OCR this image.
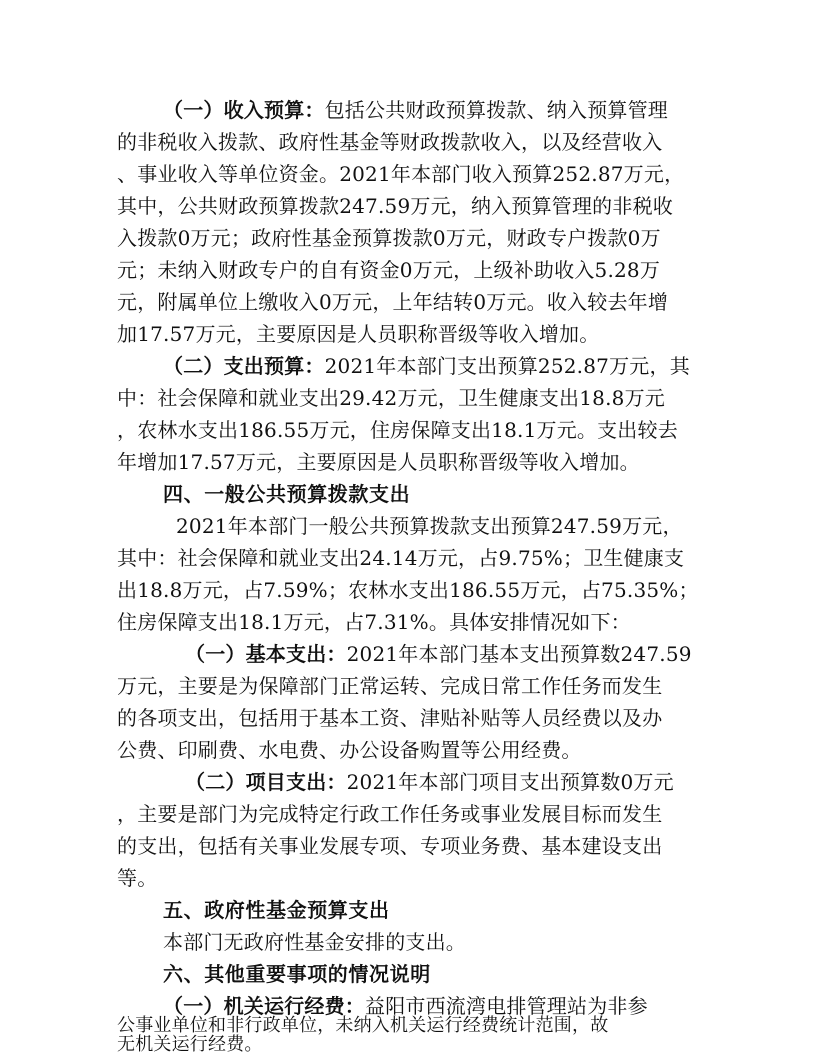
（一）收入预算：包括公共财政预算拨款、纳入预算管理
的非税收入拨款、政府性基金等财政拨款收入，以及经营收入
、事业收入等单位资金。2021年本部门收入预算252.87万元，
其中，公共财政预算拨款247.59万元，纳入预算管理的非税收
入拨款0万元；政府性基金预算拨款0万元，财政专户拨款0万
元；未纳入财政专户的自有资金0万元，上级补助收入5.28万
元，附属单位上缴收入0万元，上年结转0万元。收入较去年增
加17.57万元，主要原因是人员职称晋级等收入增加。
（二）支出预算：2021年本部门支出预算252.87万元，其
中：社会保障和就业支出29.42万元，卫生健康支出18.8万元
，农林水支出186.55万元，住房保障支出18.1万元。支出较去
年增加17.57万元，主要原因是人员职称晋级等收入增加。
四、一般公共预算拨款支出
2021年本部门一般公共预算拨款支出预算247.59万元，
其中：社会保障和就业支出24.14万元，占9.75%；卫生健康支
出18.8万元，占7.59%；农林水支出186.55万元，占75.35%；
住房保障支出18.1万元，占7.31%。具体安排情况如下：
（一）基本支出：2021年本部门基本支出预算数247.59
万元，主要是为保障部门正常运转、完成日常工作任务而发生
的各项支出，包括用于基本工资、津贴补贴等人员经费以及办
公费、印刷费、水电费、办公设备购置等公用经费。
（二）项目支出：2021年本部门项目支出预算数0万元
，主要是部门为完成特定行政工作任务或事业发展目标而发生
的支出，包括有关事业发展专项、专项业务费、基本建设支出
等。
五、政府性基金预算支出
本部门无政府性基金安排的支出。
六、其他重要事项的情况说明
（一）机关运行经费：益阳市西流湾电排管理站为非参
公事业单位和非行政单位，未纳入机关运行经费统计范围，故
无机关运行经费。
